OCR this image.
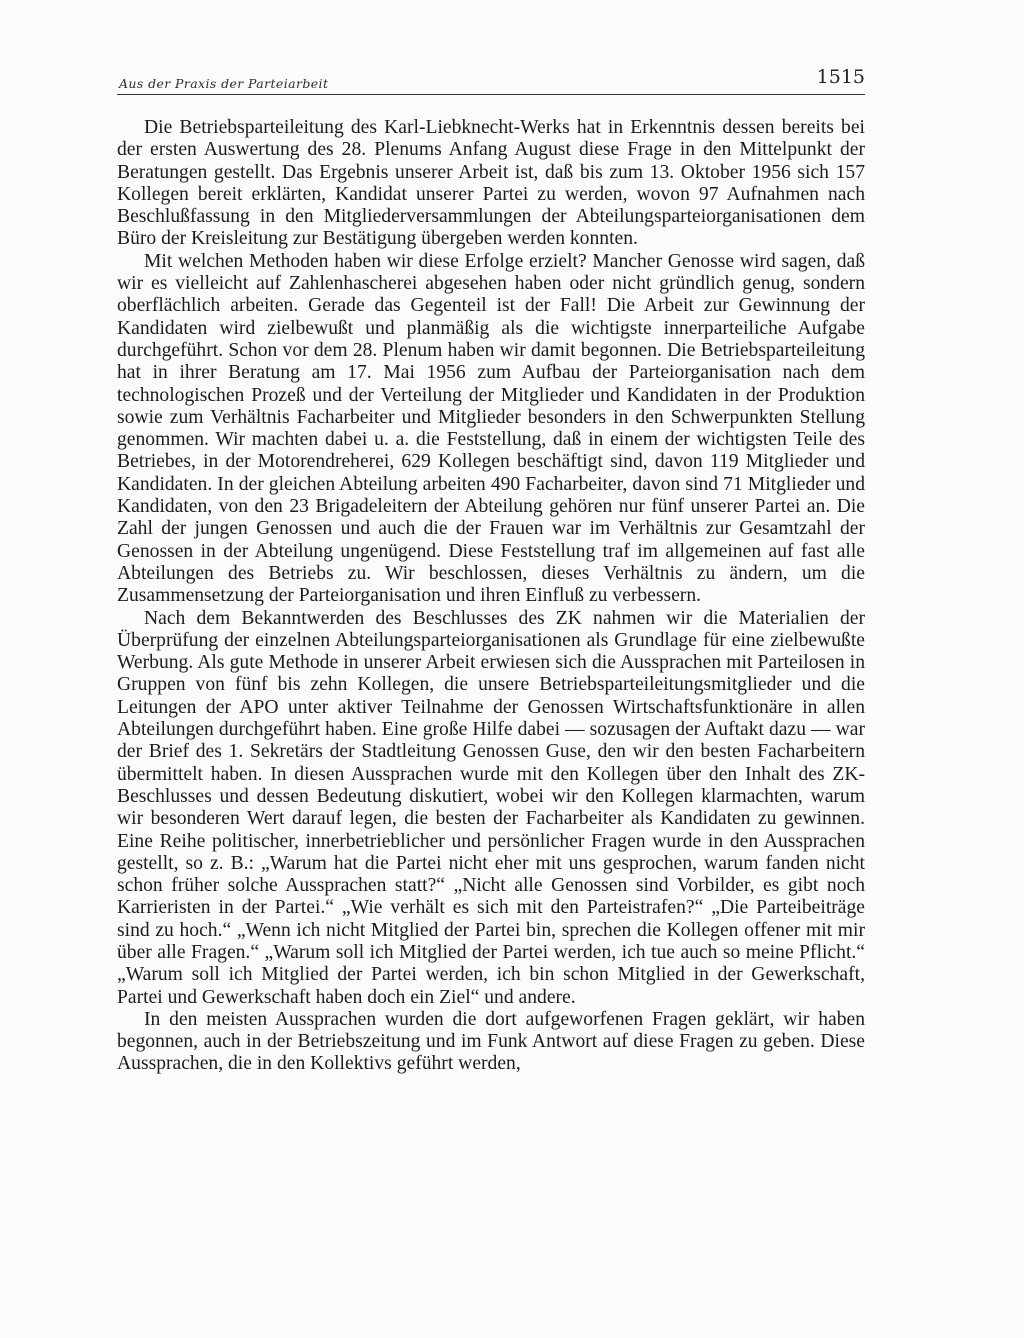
Aus der Praxis der Parteiarbeit	1515

Die Betriebsparteileitung des Karl-Liebknecht-Werks hat in Erkenntnis dessen bereits bei der ersten Auswertung des 28. Plenums Anfang August diese Frage in den Mittelpunkt der Beratungen gestellt. Das Ergebnis unserer Arbeit ist, daß bis zum 13. Oktober 1956 sich 157 Kollegen bereit erklärten, Kandidat unserer Partei zu werden, wovon 97 Aufnahmen nach Beschlußfassung in den Mitgliederversammlungen der Abteilungsparteiorganisationen dem Büro der Kreisleitung zur Bestätigung übergeben werden konnten.

Mit welchen Methoden haben wir diese Erfolge erzielt? Mancher Genosse wird sagen, daß wir es vielleicht auf Zahlenhascherei abgesehen haben oder nicht gründlich genug, sondern oberflächlich arbeiten. Gerade das Gegenteil ist der Fall! Die Arbeit zur Gewinnung der Kandidaten wird zielbewußt und planmäßig als die wichtigste innerparteiliche Aufgabe durchgeführt. Schon vor dem 28. Plenum haben wir damit begonnen. Die Betriebsparteileitung hat in ihrer Beratung am 17. Mai 1956 zum Aufbau der Parteiorganisation nach dem technologischen Prozeß und der Verteilung der Mitglieder und Kandidaten in der Produktion sowie zum Verhältnis Facharbeiter und Mitglieder besonders in den Schwerpunkten Stellung genommen. Wir machten dabei u. a. die Feststellung, daß in einem der wichtigsten Teile des Betriebes, in der Motorendreherei, 629 Kollegen beschäftigt sind, davon 119 Mitglieder und Kandidaten. In der gleichen Abteilung arbeiten 490 Facharbeiter, davon sind 71 Mitglieder und Kandidaten, von den 23 Brigadeleitern der Abteilung gehören nur fünf unserer Partei an. Die Zahl der jungen Genossen und auch die der Frauen war im Verhältnis zur Gesamtzahl der Genossen in der Abteilung ungenügend. Diese Feststellung traf im allgemeinen auf fast alle Abteilungen des Betriebs zu. Wir beschlossen, dieses Verhältnis zu ändern, um die Zusammensetzung der Parteiorganisation und ihren Einfluß zu verbessern.

Nach dem Bekanntwerden des Beschlusses des ZK nahmen wir die Materialien der Überprüfung der einzelnen Abteilungsparteiorganisationen als Grundlage für eine zielbewußte Werbung. Als gute Methode in unserer Arbeit erwiesen sich die Aussprachen mit Parteilosen in Gruppen von fünf bis zehn Kollegen, die unsere Betriebsparteileitungsmitglieder und die Leitungen der APO unter aktiver Teilnahme der Genossen Wirtschaftsfunktionäre in allen Abteilungen durchgeführt haben. Eine große Hilfe dabei — sozusagen der Auftakt dazu — war der Brief des 1. Sekretärs der Stadtleitung Genossen Guse, den wir den besten Facharbeitern übermittelt haben. In diesen Aussprachen wurde mit den Kollegen über den Inhalt des ZK-Beschlusses und dessen Bedeutung diskutiert, wobei wir den Kollegen klarmachten, warum wir besonderen Wert darauf legen, die besten der Facharbeiter als Kandidaten zu gewinnen. Eine Reihe politischer, innerbetrieblicher und persönlicher Fragen wurde in den Aussprachen gestellt, so z. B.: „Warum hat die Partei nicht eher mit uns gesprochen, warum fanden nicht schon früher solche Aussprachen statt?“ „Nicht alle Genossen sind Vorbilder, es gibt noch Karrieristen in der Partei.“ „Wie verhält es sich mit den Parteistrafen?“ „Die Parteibeiträge sind zu hoch.“ „Wenn ich nicht Mitglied der Partei bin, sprechen die Kollegen offener mit mir über alle Fragen.“ „Warum soll ich Mitglied der Partei werden, ich tue auch so meine Pflicht.“ „Warum soll ich Mitglied der Partei werden, ich bin schon Mitglied in der Gewerkschaft, Partei und Gewerkschaft haben doch ein Ziel“ und andere.

In den meisten Aussprachen wurden die dort aufgeworfenen Fragen geklärt, wir haben begonnen, auch in der Betriebszeitung und im Funk Antwort auf diese Fragen zu geben. Diese Aussprachen, die in den Kollektivs geführt werden,
